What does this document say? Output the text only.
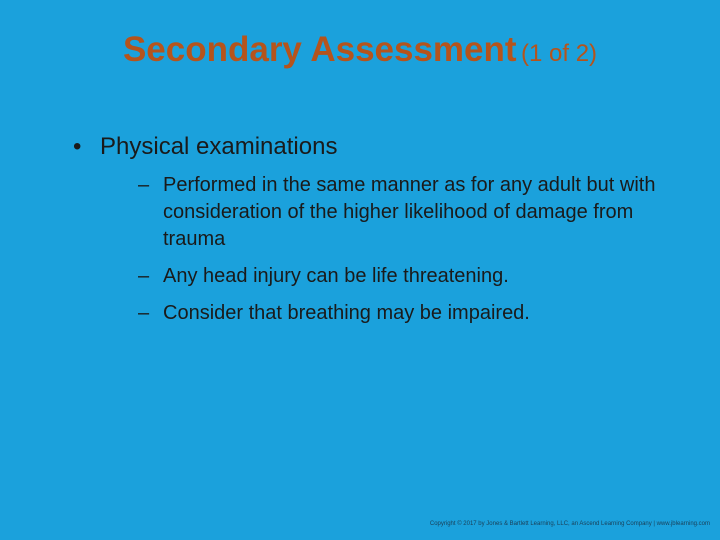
Secondary Assessment (1 of 2)
• Physical examinations
– Performed in the same manner as for any adult but with consideration of the higher likelihood of damage from trauma
– Any head injury can be life threatening.
– Consider that breathing may be impaired.
Copyright © 2017 by Jones & Bartlett Learning, LLC, an Ascend Learning Company | www.jblearning.com
